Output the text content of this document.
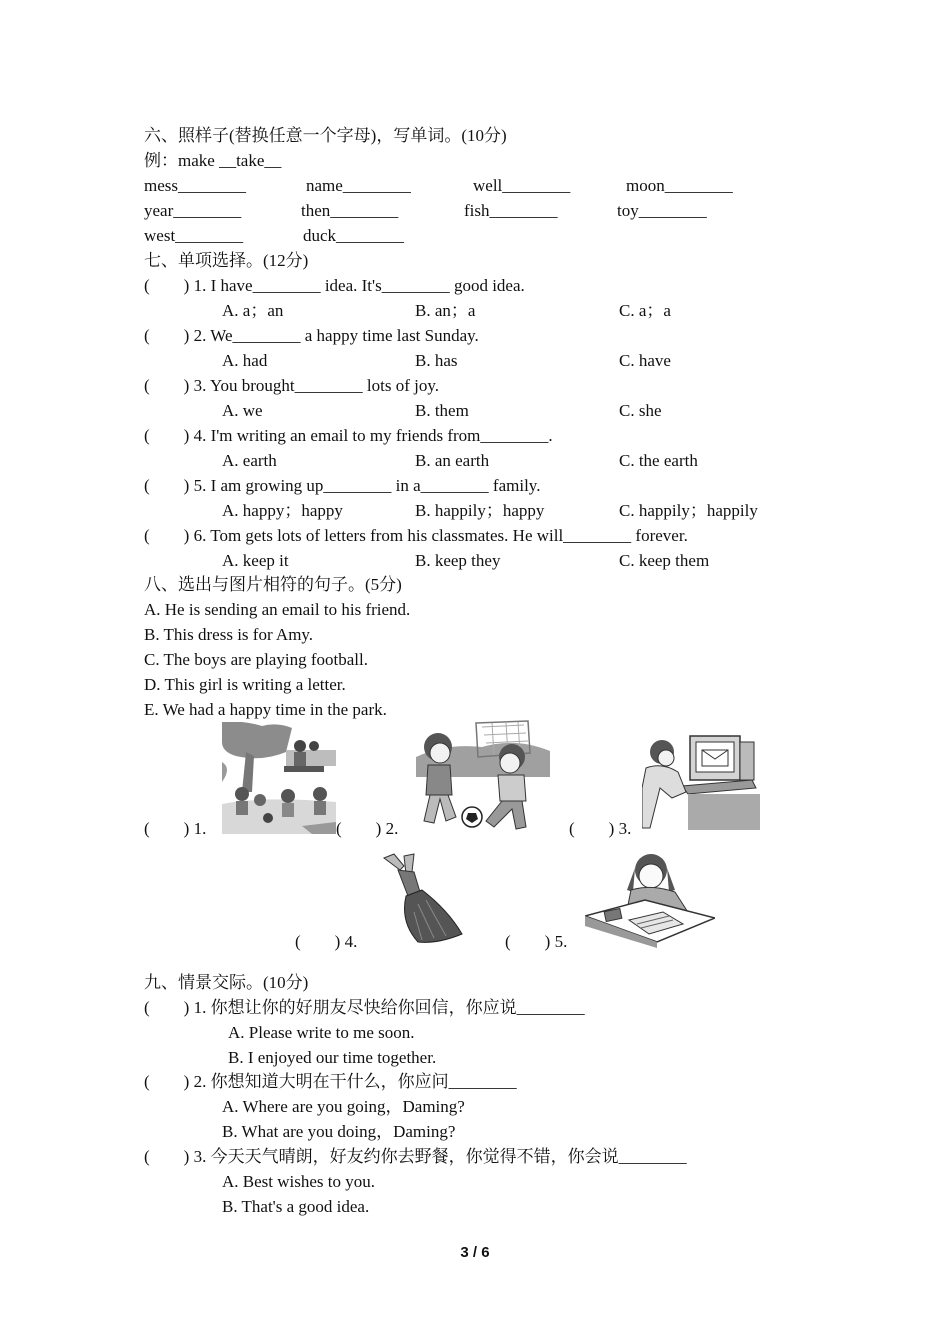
六、照样子(替换任意一个字母)，写单词。(10分)
例：make __take__
mess________	name________	well________	moon________
year________	then________	fish________	toy________
west________	duck________
七、单项选择。(12分)
(  ) 1. I have________ idea. It's________ good idea.
A. a；an	B. an；a	C. a；a
(  ) 2. We________ a happy time last Sunday.
A. had	B. has	C. have
(  ) 3. You brought________ lots of joy.
A. we	B. them	C. she
(  ) 4. I'm writing an email to my friends from________.
A. earth	B. an earth	C. the earth
(  ) 5. I am growing up________ in a________ family.
A. happy；happy	B. happily；happy	C. happily；happily
(  ) 6. Tom gets lots of letters from his classmates. He will________ forever.
A. keep it	B. keep they	C. keep them
八、选出与图片相符的句子。(5分)
A. He is sending an email to his friend.
B. This dress is for Amy.
C. The boys are playing football.
D. This girl is writing a letter.
E. We had a happy time in the park.
(  ) 1.	(  ) 2.	(  ) 3.
(  ) 4.	(  ) 5.
九、情景交际。(10分)
(  ) 1. 你想让你的好朋友尽快给你回信，你应说________
A. Please write to me soon.
B. I enjoyed our time together.
(  ) 2. 你想知道大明在干什么，你应问________
A. Where are you going，Daming?
B. What are you doing，Daming?
(  ) 3. 今天天气晴朗，好友约你去野餐，你觉得不错，你会说________
A. Best wishes to you.
B. That's a good idea.
3 / 6
